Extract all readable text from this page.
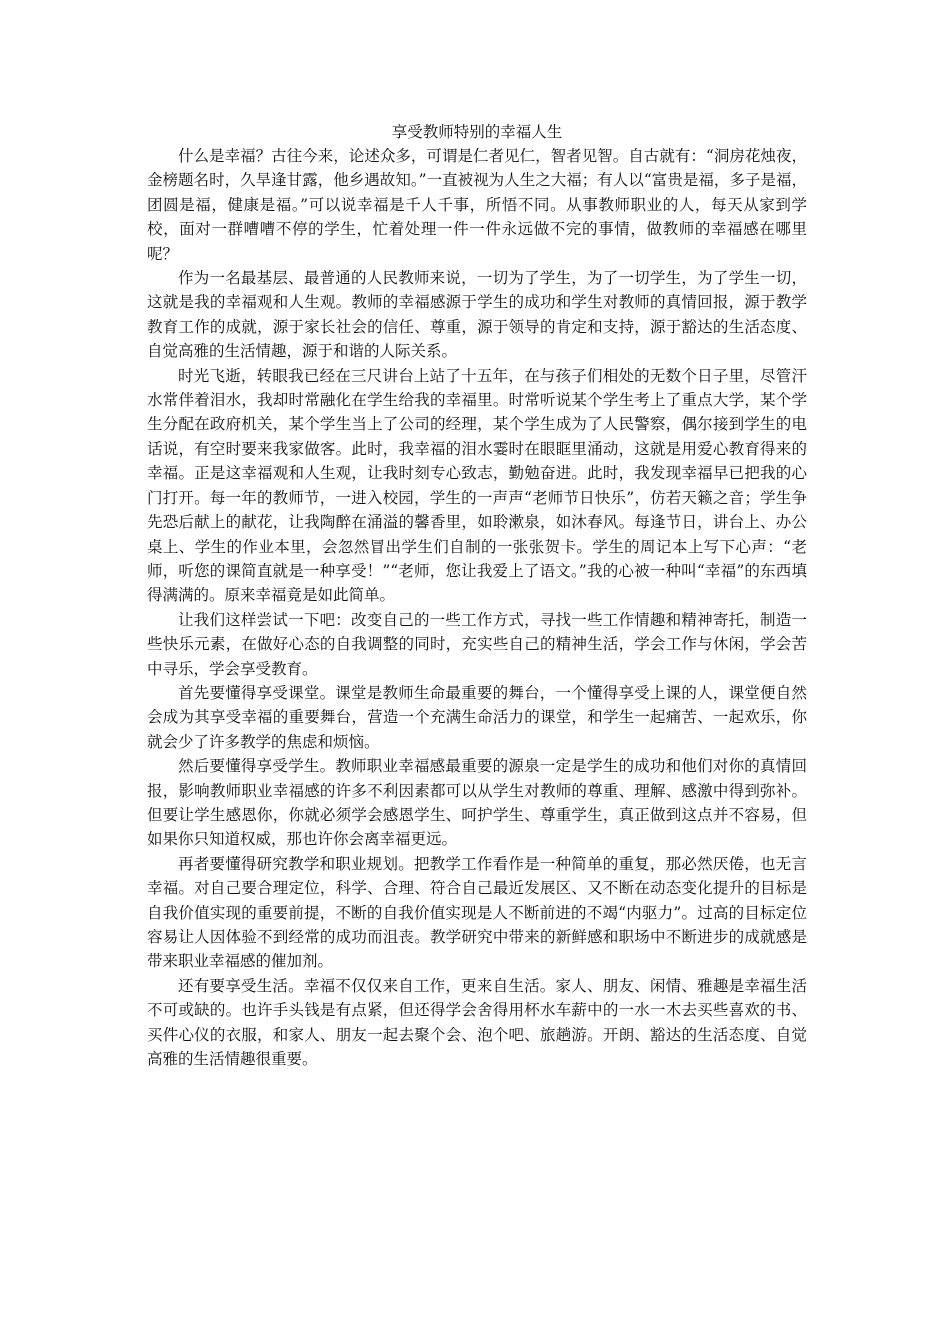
享受教师特别的幸福人生

什么是幸福？古往今来，论述众多，可谓是仁者见仁，智者见智。自古就有：“洞房花烛夜，金榜题名时，久旱逢甘露，他乡遇故知。”一直被视为人生之大福；有人以“富贵是福，多子是福，团圆是福，健康是福。”可以说幸福是千人千事，所悟不同。从事教师职业的人，每天从家到学校，面对一群嘈嘈不停的学生，忙着处理一件一件永远做不完的事情，做教师的幸福感在哪里呢？

作为一名最基层、最普通的人民教师来说，一切为了学生，为了一切学生，为了学生一切，这就是我的幸福观和人生观。教师的幸福感源于学生的成功和学生对教师的真情回报，源于教学教育工作的成就，源于家长社会的信任、尊重，源于领导的肯定和支持，源于豁达的生活态度、自觉高雅的生活情趣，源于和谐的人际关系。

时光飞逝，转眼我已经在三尺讲台上站了十五年，在与孩子们相处的无数个日子里，尽管汗水常伴着泪水，我却时常融化在学生给我的幸福里。时常听说某个学生考上了重点大学，某个学生分配在政府机关，某个学生当上了公司的经理，某个学生成为了人民警察，偶尔接到学生的电话说，有空时要来我家做客。此时，我幸福的泪水霎时在眼眶里涌动，这就是用爱心教育得来的幸福。正是这幸福观和人生观，让我时刻专心致志，勤勉奋进。此时，我发现幸福早已把我的心门打开。每一年的教师节，一进入校园，学生的一声声“老师节日快乐”，仿若天籁之音；学生争先恐后献上的献花，让我陶醉在涌溢的馨香里，如聆漱泉，如沐春风。每逢节日，讲台上、办公桌上、学生的作业本里，会忽然冒出学生们自制的一张张贺卡。学生的周记本上写下心声：“老师，听您的课简直就是一种享受！”“老师，您让我爱上了语文。”我的心被一种叫“幸福”的东西填得满满的。原来幸福竟是如此简单。

让我们这样尝试一下吧：改变自己的一些工作方式，寻找一些工作情趣和精神寄托，制造一些快乐元素，在做好心态的自我调整的同时，充实些自己的精神生活，学会工作与休闲，学会苦中寻乐，学会享受教育。

首先要懂得享受课堂。课堂是教师生命最重要的舞台，一个懂得享受上课的人，课堂便自然会成为其享受幸福的重要舞台，营造一个充满生命活力的课堂，和学生一起痛苦、一起欢乐，你就会少了许多教学的焦虑和烦恼。

然后要懂得享受学生。教师职业幸福感最重要的源泉一定是学生的成功和他们对你的真情回报，影响教师职业幸福感的许多不利因素都可以从学生对教师的尊重、理解、感激中得到弥补。但要让学生感恩你，你就必须学会感恩学生、呵护学生、尊重学生，真正做到这点并不容易，但如果你只知道权威，那也许你会离幸福更远。

再者要懂得研究教学和职业规划。把教学工作看作是一种简单的重复，那必然厌倦，也无言幸福。对自己要合理定位，科学、合理、符合自己最近发展区、又不断在动态变化提升的目标是自我价值实现的重要前提，不断的自我价值实现是人不断前进的不竭“内驱力”。过高的目标定位容易让人因体验不到经常的成功而沮丧。教学研究中带来的新鲜感和职场中不断进步的成就感是带来职业幸福感的催加剂。

还有要享受生活。幸福不仅仅来自工作，更来自生活。家人、朋友、闲情、雅趣是幸福生活不可或缺的。也许手头钱是有点紧，但还得学会舍得用杯水车薪中的一水一木去买些喜欢的书、买件心仪的衣服，和家人、朋友一起去聚个会、泡个吧、旅趟游。开朗、豁达的生活态度、自觉高雅的生活情趣很重要。
